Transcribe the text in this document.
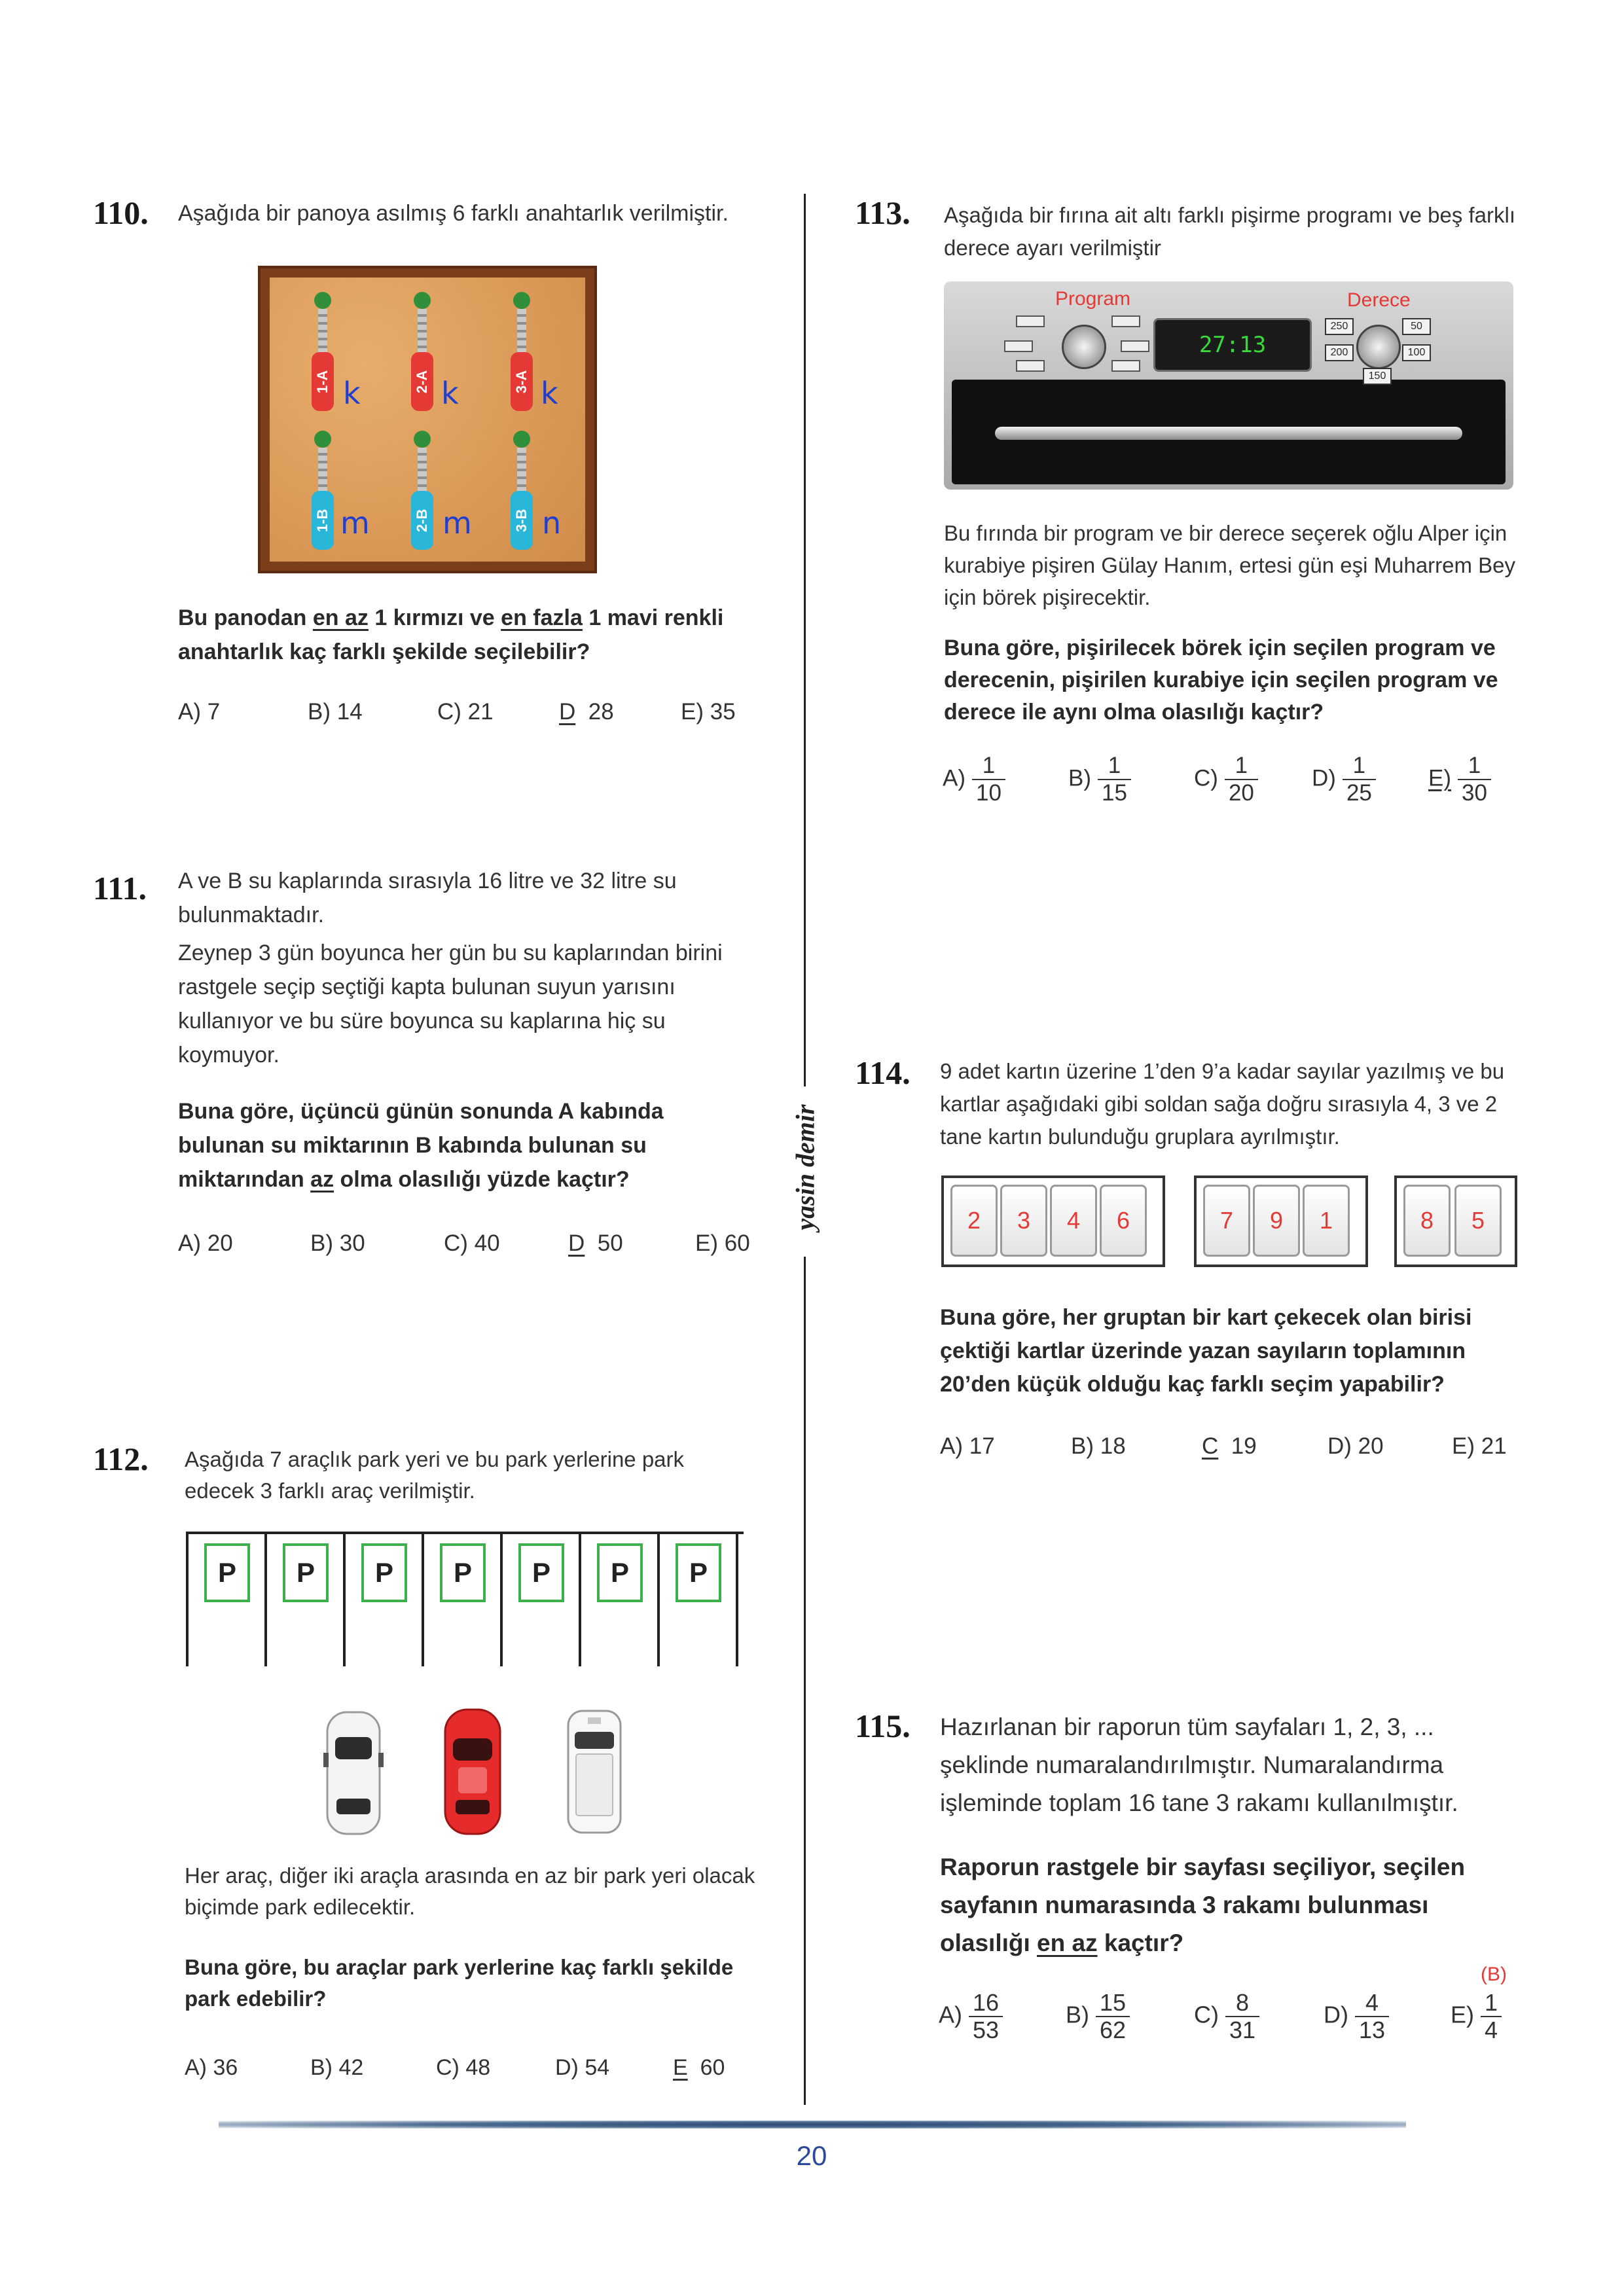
110. Aşağıda bir panoya asılmış 6 farklı anahtarlık verilmiştir.
1-A	2-A	3-A
k	k	k
1-B	2-B	3-B
m m n
Bu panodan en az 1 kırmızı ve en fazla 1 mavi renkli anahtarlık kaç farklı şekilde seçilebilir?
A) 7	B) 14	C) 21	D 28	E) 35
111. A ve B su kaplarında sırasıyla 16 litre ve 32 litre su bulunmaktadır.
Zeynep 3 gün boyunca her gün bu su kaplarından birini rastgele seçip seçtiği kapta bulunan suyun yarısını kullanıyor ve bu süre boyunca su kaplarına hiç su koymuyor.
Buna göre, üçüncü günün sonunda A kabında bulunan su miktarının B kabında bulunan su miktarından az olma olasılığı yüzde kaçtır?
A) 20	B) 30	C) 40	D 50	E) 60
112. Aşağıda 7 araçlık park yeri ve bu park yerlerine park edecek 3 farklı araç verilmiştir.
P	P	P	P	P	P	P
Her araç, diğer iki araçla arasında en az bir park yeri olacak biçimde park edilecektir.
Buna göre, bu araçlar park yerlerine kaç farklı şekilde park edebilir?
A) 36	B) 42	C) 48	D) 54	E 60
yasin demir
113. Aşağıda bir fırına ait altı farklı pişirme programı ve beş farklı derece ayarı verilmiştir
Program	Derece
27:13
250	50
200	100
150
Bu fırında bir program ve bir derece seçerek oğlu Alper için kurabiye pişiren Gülay Hanım, ertesi gün eşi Muharrem Bey için börek pişirecektir.
Buna göre, pişirilecek börek için seçilen program ve derecenin, pişirilen kurabiye için seçilen program ve derece ile aynı olma olasılığı kaçtır?
$A) \frac{1}{10}$	$B) \frac{1}{15}$	$C) \frac{1}{20} D) \frac{1}{25} E) \frac{1}{30}$
114. 9 adet kartın üzerine 1’den 9’a kadar sayılar yazılmış ve bu kartlar aşağıdaki gibi soldan sağa doğru sırasıyla 4, 3 ve 2 tane kartın bulunduğu gruplara ayrılmıştır.
2	3	4	6	7	9	1	8	5
Buna göre, her gruptan bir kart çekecek olan birisi çektiği kartlar üzerinde yazan sayıların toplamının 20’den küçük olduğu kaç farklı seçim yapabilir?
A) 17	B) 18	C 19	D) 20	E) 21
115. Hazırlanan bir raporun tüm sayfaları 1, 2, 3, ... şeklinde numaralandırılmıştır. Numaralandırma işleminde toplam 16 tane 3 rakamı kullanılmıştır.
Raporun rastgele bir sayfası seçiliyor, seçilen sayfanın numarasında 3 rakamı bulunması olasılığı en az kaçtır?
(B)
$A) \frac{16}{53}$	$B) \frac{15}{62}$	$C) \frac{8}{31}$	$D) \frac{4}{13}$	$E) \frac{1}{4}$
20
